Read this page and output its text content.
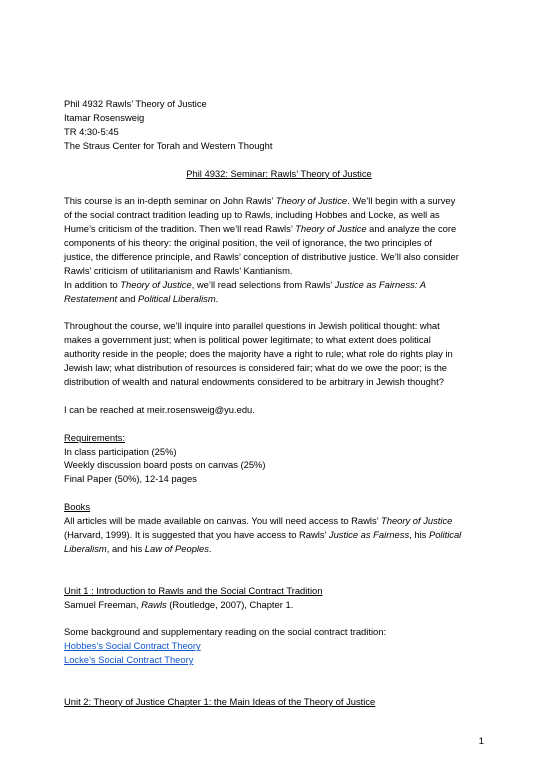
Phil 4932 Rawls’ Theory of Justice
Itamar Rosensweig
TR 4:30-5:45
The Straus Center for Torah and Western Thought
Phil 4932: Seminar: Rawls’ Theory of Justice
This course is an in-depth seminar on John Rawls’ Theory of Justice. We’ll begin with a survey
of the social contract tradition leading up to Rawls, including Hobbes and Locke, as well as
Hume’s criticism of the tradition. Then we’ll read Rawls’ Theory of Justice and analyze the core
components of his theory: the original position, the veil of ignorance, the two principles of
justice, the difference principle, and Rawls’ conception of distributive justice. We’ll also consider
Rawls’ criticism of utilitarianism and Rawls’ Kantianism.
In addition to Theory of Justice, we’ll read selections from Rawls’ Justice as Fairness: A
Restatement and Political Liberalism.
Throughout the course, we’ll inquire into parallel questions in Jewish political thought: what
makes a government just; when is political power legitimate; to what extent does political
authority reside in the people; does the majority have a right to rule; what role do rights play in
Jewish law; what distribution of resources is considered fair; what do we owe the poor; is the
distribution of wealth and natural endowments considered to be arbitrary in Jewish thought?
I can be reached at meir.rosensweig@yu.edu.
Requirements:
In class participation (25%)
Weekly discussion board posts on canvas (25%)
Final Paper (50%), 12-14 pages
Books
All articles will be made available on canvas. You will need access to Rawls’ Theory of Justice
(Harvard, 1999). It is suggested that you have access to Rawls’ Justice as Fairness, his Political
Liberalism, and his Law of Peoples.
Unit 1 : Introduction to Rawls and the Social Contract Tradition
Samuel Freeman, Rawls (Routledge, 2007), Chapter 1.
Some background and supplementary reading on the social contract tradition:
Hobbes’s Social Contract Theory
Locke’s Social Contract Theory
Unit 2: Theory of Justice Chapter 1: the Main Ideas of the Theory of Justice
1
